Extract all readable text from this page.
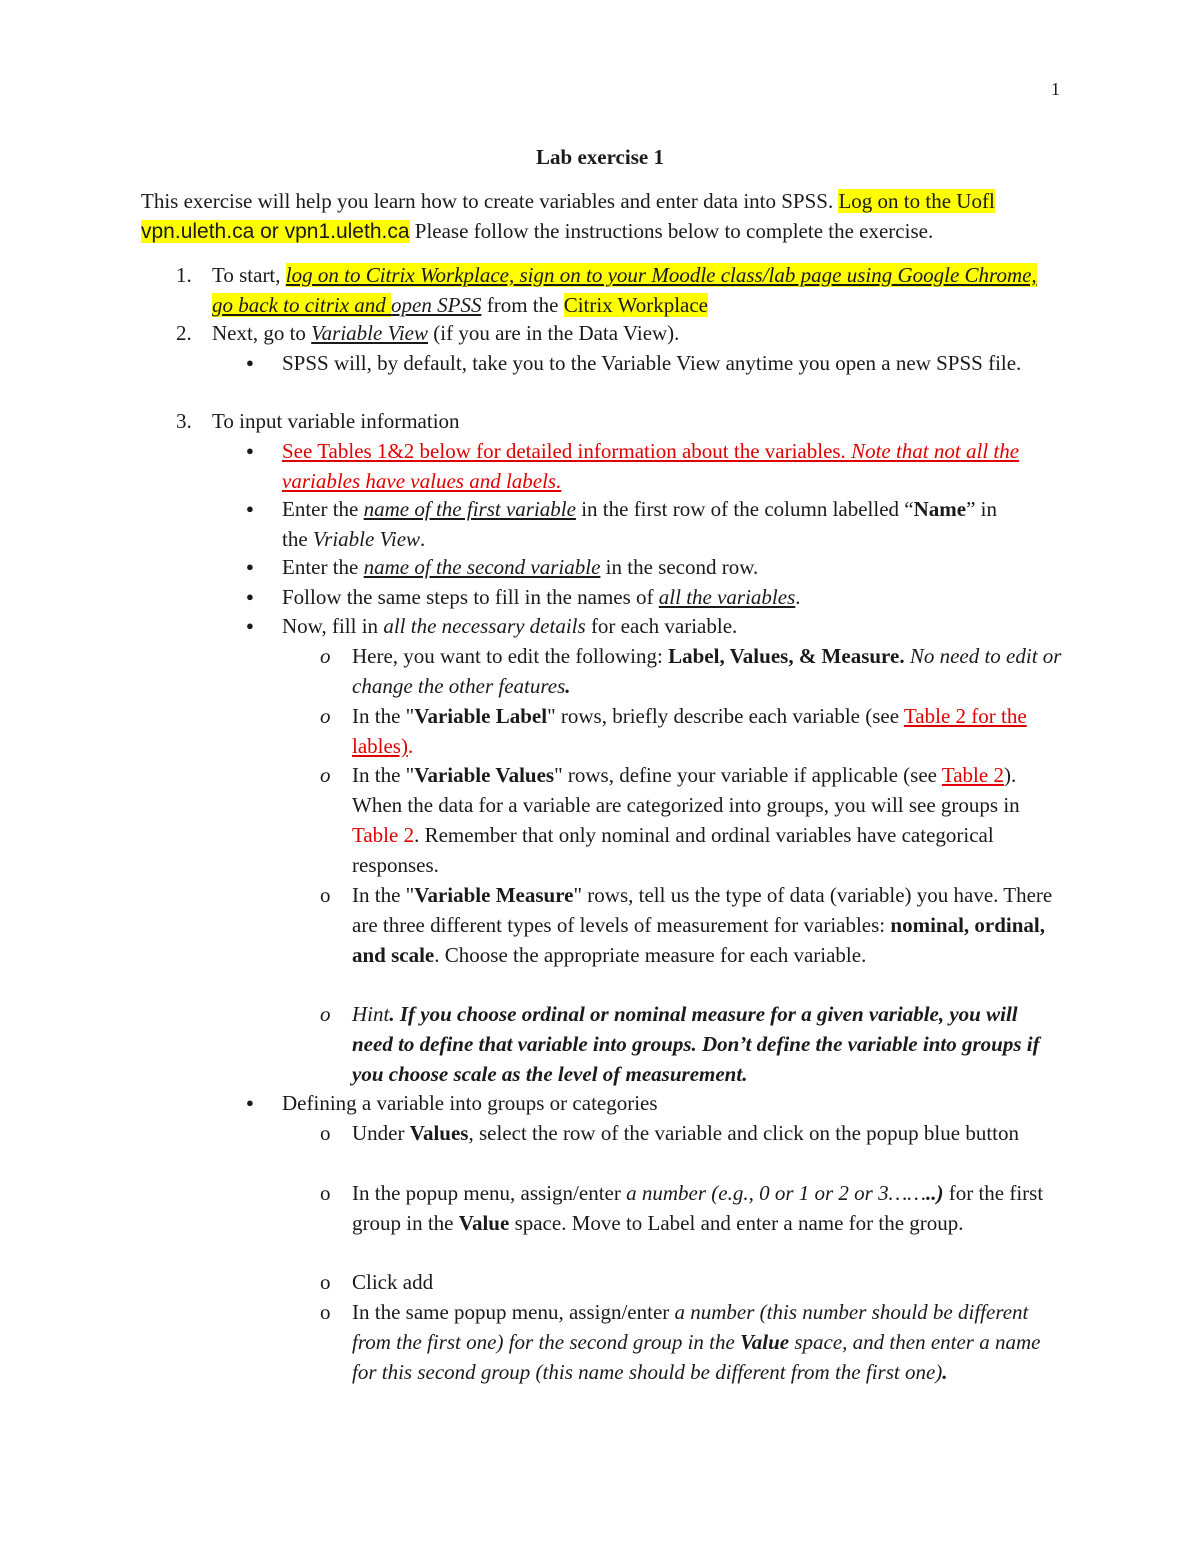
1
Lab exercise 1
This exercise will help you learn how to create variables and enter data into SPSS. Log on to the Uofl vpn.uleth.ca or vpn1.uleth.ca Please follow the instructions below to complete the exercise.
1. To start, log on to Citrix Workplace, sign on to your Moodle class/lab page using Google Chrome, go back to citrix and open SPSS from the Citrix Workplace
2. Next, go to Variable View (if you are in the Data View).
● SPSS will, by default, take you to the Variable View anytime you open a new SPSS file.
3. To input variable information
● See Tables 1&2 below for detailed information about the variables. Note that not all the variables have values and labels.
● Enter the name of the first variable in the first row of the column labelled “Name” in the Vriable View.
● Enter the name of the second variable in the second row.
● Follow the same steps to fill in the names of all the variables.
● Now, fill in all the necessary details for each variable.
o Here, you want to edit the following: Label, Values, & Measure. No need to edit or change the other features.
o In the "Variable Label" rows, briefly describe each variable (see Table 2 for the lables).
o In the "Variable Values" rows, define your variable if applicable (see Table 2). When the data for a variable are categorized into groups, you will see groups in Table 2. Remember that only nominal and ordinal variables have categorical responses.
o In the "Variable Measure" rows, tell us the type of data (variable) you have. There are three different types of levels of measurement for variables: nominal, ordinal, and scale. Choose the appropriate measure for each variable.
o Hint. If you choose ordinal or nominal measure for a given variable, you will need to define that variable into groups. Don’t define the variable into groups if you choose scale as the level of measurement.
● Defining a variable into groups or categories
o Under Values, select the row of the variable and click on the popup blue button
o In the popup menu, assign/enter a number (e.g., 0 or 1 or 2 or 3……..) for the first group in the Value space. Move to Label and enter a name for the group.
o Click add
o In the same popup menu, assign/enter a number (this number should be different from the first one) for the second group in the Value space, and then enter a name for this second group (this name should be different from the first one).
